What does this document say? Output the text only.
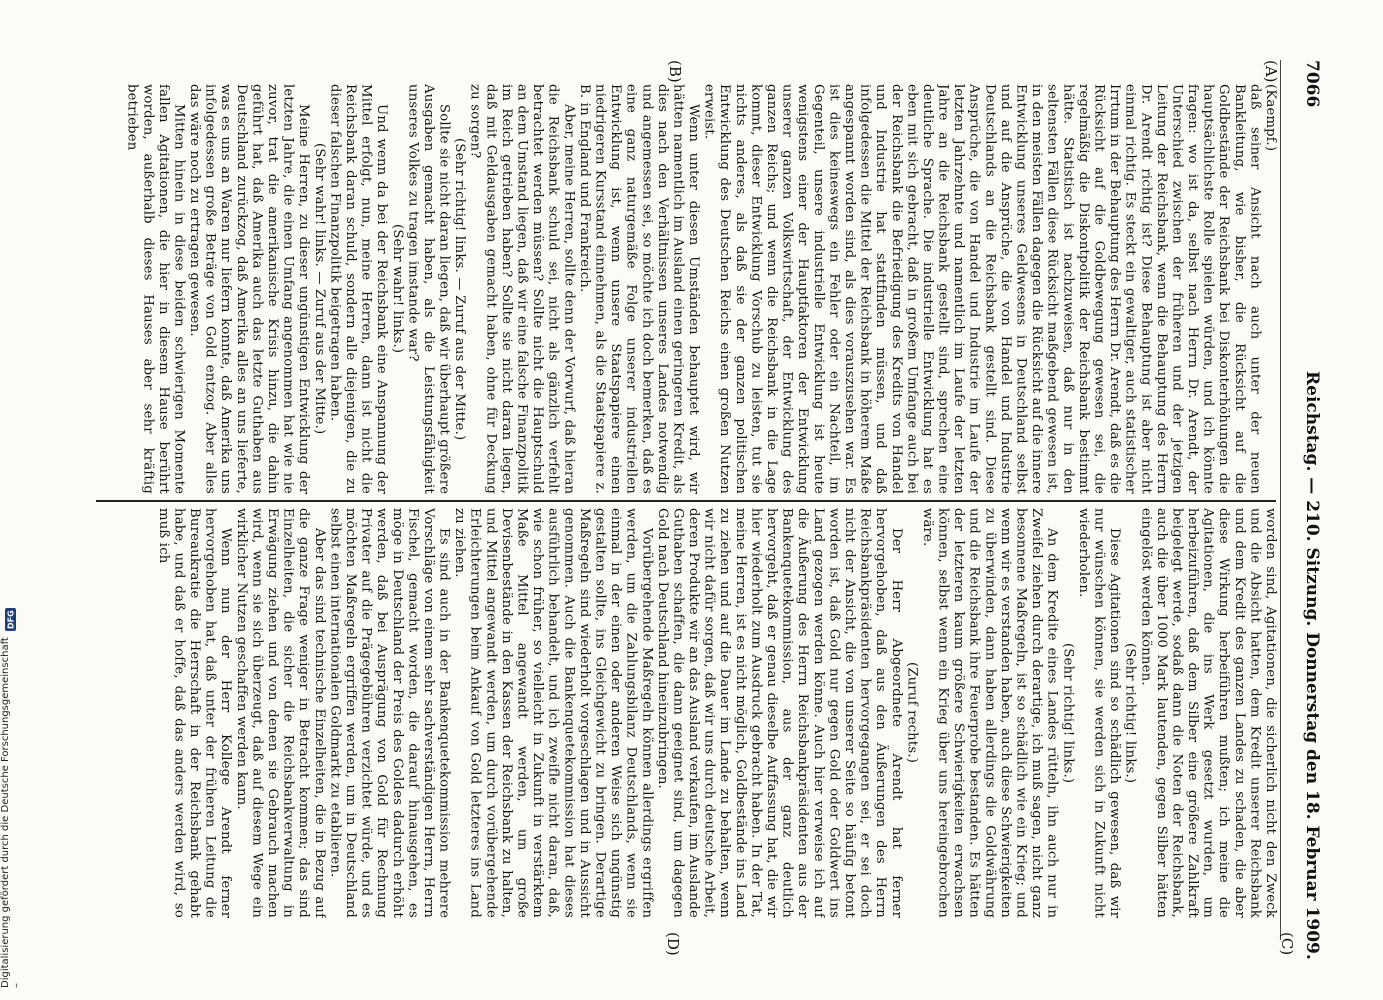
7066
Reichstag. — 210. Sitzung. Donnerstag den 18. Februar 1909.
(A)
(B)
(C)
(D)

(Kaempf.)

daß seiner Ansicht nach auch unter der neuen Bankleitung, wie bisher, die Rücksicht auf die Goldbestände der Reichsbank bei Diskonterhöhungen die hauptsächlichste Rolle spielen würden, und ich könnte fragen: wo ist da, selbst nach Herrn Dr. Arendt, der Unterschied zwischen der früheren und der jetzigen Leitung der Reichsbank, wenn die Behauptung des Herrn Dr. Arendt richtig ist? Diese Behauptung ist aber nicht einmal richtig. Es steckt ein gewaltiger, auch statistischer Irrtum in der Behauptung des Herrn Dr. Arendt, daß es die Rücksicht auf die Goldbewegung gewesen sei, die regelmäßig die Diskontpolitik der Reichsbank bestimmt hätte. Statistisch ist nachzuweisen, daß nur in den seltensten Fällen diese Rücksicht maßgebend gewesen ist, in den meisten Fällen dagegen die Rücksicht auf die innere Entwicklung unseres Geldwesens in Deutschland selbst und auf die Ansprüche, die von Handel und Industrie Deutschlands an die Reichsbank gestellt sind. Diese Ansprüche, die von Handel und Industrie im Laufe der letzten Jahrzehnte und namentlich im Laufe der letzten Jahre an die Reichsbank gestellt sind, sprechen eine deutliche Sprache. Die industrielle Entwicklung hat es eben mit sich gebracht, daß in großem Umfange auch bei der Reichsbank die Befriedigung des Kredits von Handel und Industrie hat stattfinden müssen, und daß infolgedessen die Mittel der Reichsbank in höherem Maße angespannt worden sind, als dies vorauszusehen war. Es ist dies keineswegs ein Fehler oder ein Nachteil, im Gegenteil, unsere industrielle Entwicklung ist heute wenigstens einer der Hauptfaktoren der Entwicklung unserer ganzen Volkswirtschaft, der Entwicklung des ganzen Reichs; und wenn die Reichsbank in die Lage kommt, dieser Entwicklung Vorschub zu leisten, tut sie nichts anderes, als daß sie der ganzen politischen Entwicklung des Deutschen Reichs einen großen Nutzen erweist.

Wenn unter diesen Umständen behauptet wird, wir hätten namentlich im Ausland einen geringeren Kredit, als dies nach den Verhältnissen unseres Landes notwendig und angemessen sei, so möchte ich doch bemerken, daß es eine ganz naturgemäße Folge unserer industriellen Entwicklung ist, wenn unsere Staatspapiere einen niedrigeren Kursstand einnehmen, als die Staatspapiere z. B. in England und Frankreich.

Aber, meine Herren, sollte denn der Vorwurf, daß hieran die Reichsbank schuld sei, nicht als gänzlich verfehlt betrachtet werden müssen? Sollte nicht die Hauptschuld an dem Umstand liegen, daß wir eine falsche Finanzpolitik im Reich getrieben haben? Sollte sie nicht daran liegen, daß mit Geldausgaben gemacht haben, ohne für Deckung zu sorgen?

(Sehr richtig! links. — Zuruf aus der Mitte.)

Sollte sie nicht daran liegen, daß wir überhaupt größere Ausgaben gemacht haben, als die Leistungsfähigkeit unseres Volkes zu tragen imstande war?

(Sehr wahr! links.)

Und wenn da bei der Reichsbank eine Anspannung der Mittel erfolgt, nun, meine Herren, dann ist nicht die Reichsbank daran schuld, sondern alle diejenigen, die zu dieser falschen Finanzpolitik beigetragen haben.

(Sehr wahr! links. — Zuruf aus der Mitte.)

Meine Herren, zu dieser ungünstigen Entwicklung der letzten Jahre, die einen Umfang angenommen hat wie nie zuvor, trat die amerikanische Krisis hinzu, die dahin geführt hat, daß Amerika auch das letzte Guthaben aus Deutschland zurückzog, daß Amerika alles an uns lieferte, was es uns an Waren nur liefern konnte, daß Amerika uns infolgedessen große Beträge von Gold entzog. Aber alles das wäre noch zu ertragen gewesen.

Mitten hinein in diese beiden schwierigen Momente fallen Agitationen, die hier in diesem Hause berührt worden, außerhalb dieses Hauses aber sehr kräftig betrieben

worden sind, Agitationen, die sicherlich nicht den Zweck und die Absicht hatten, dem Kredit unserer Reichsbank und dem Kredit des ganzen Landes zu schaden, die aber diese Wirkung herbeiführen mußten; ich meine die Agitationen, die ins Werk gesetzt wurden, um herbeizuführen, daß dem Silber eine größere Zahlkraft beigelegt werde, sodaß dann die Noten der Reichsbank, auch die über 1000 Mark lautenden, gegen Silber hätten eingelöst werden können.

(Sehr richtig! links.)

Diese Agitationen sind so schädlich gewesen, daß wir nur wünschen können, sie werden sich in Zukunft nicht wiederholen.

(Sehr richtig! links.)

An dem Kredite eines Landes rütteln, ihn auch nur in Zweifel ziehen durch derartige, ich muß sagen, nicht ganz besonnene Maßregeln, ist so schädlich wie ein Krieg; und wenn wir es verstanden haben, auch diese Schwierigkeiten zu überwinden, dann haben allerdings die Goldwährung und die Reichsbank ihre Feuerprobe bestanden. Es hätten der letzteren kaum größere Schwierigkeiten erwachsen können, selbst wenn ein Krieg über uns hereingebrochen wäre.

(Zuruf rechts.)

Der Herr Abgeordnete Arendt hat ferner hervorgehoben, daß aus den Äußerungen des Herrn Reichsbankpräsidenten hervorgegangen sei, er sei doch nicht der Ansicht, die von unserer Seite so häufig betont worden ist, daß Gold nur gegen Gold oder Goldwert ins Land gezogen werden könne. Auch hier verweise ich auf die Äußerung des Herrn Reichsbankpräsidenten aus der Bankenquetekommission, aus der ganz deutlich hervorgeht, daß er genau dieselbe Auffassung hat, die wir hier wiederholt zum Ausdruck gebracht haben. In der Tat, meine Herren, ist es nicht möglich, Goldbestände ins Land zu ziehen und auf die Dauer im Lande zu behalten, wenn wir nicht dafür sorgen, daß wir uns durch deutsche Arbeit, deren Produkte wir an das Ausland verkaufen, im Auslande Guthaben schaffen, die dann geeignet sind, um dagegen Gold nach Deutschland hineinzubringen.

Vorübergehende Maßregeln können allerdings ergriffen werden, um die Zahlungsbilanz Deutschlands, wenn sie einmal in der einen oder anderen Weise sich ungünstig gestalten sollte, ins Gleichgewicht zu bringen. Derartige Maßregeln sind wiederholt vorgeschlagen und in Aussicht genommen. Auch die Bankenquetekommission hat dieses ausführlich behandelt, und ich zweifle nicht daran, daß, wie schon früher, so vielleicht in Zukunft in verstärktem Maße Mittel angewandt werden, um große Devisenbestände in den Kassen der Reichsbank zu halten, und Mittel angewandt werden, um durch vorübergehende Erleichterungen beim Ankauf von Gold letzteres ins Land zu ziehen.

Es sind auch in der Bankenquetekommission mehrere Vorschläge von einem sehr sachverständigen Herrn, Herrn Fischel, gemacht worden, die darauf hinausgehen, es möge in Deutschland der Preis des Goldes dadurch erhöht werden, daß bei Ausprägung von Gold für Rechnung Privater auf die Prägegebühren verzichtet würde, und es möchten Maßregeln ergriffen werden, um in Deutschland selbst einen internationalen Goldmarkt zu etablieren.

Aber das sind technische Einzelheiten, die in Bezug auf die ganze Frage weniger in Betracht kommen; das sind Einzelheiten, die sicher die Reichsbankverwaltung in Erwägung ziehen und von denen sie Gebrauch machen wird, wenn sie sich überzeugt, daß auf diesem Wege ein wirklicher Nutzen geschaffen werden kann.

Wenn nun der Herr Kollege Arendt ferner hervorgehoben hat, daß unter der früheren Leitung die Bureaukratie die Herrschaft in der Reichsbank gehabt habe, und daß er hoffe, daß das anders werden wird, so muß ich

Digitalisierung gefördert durch die Deutsche Forschungsgemeinschaft –
DFG
